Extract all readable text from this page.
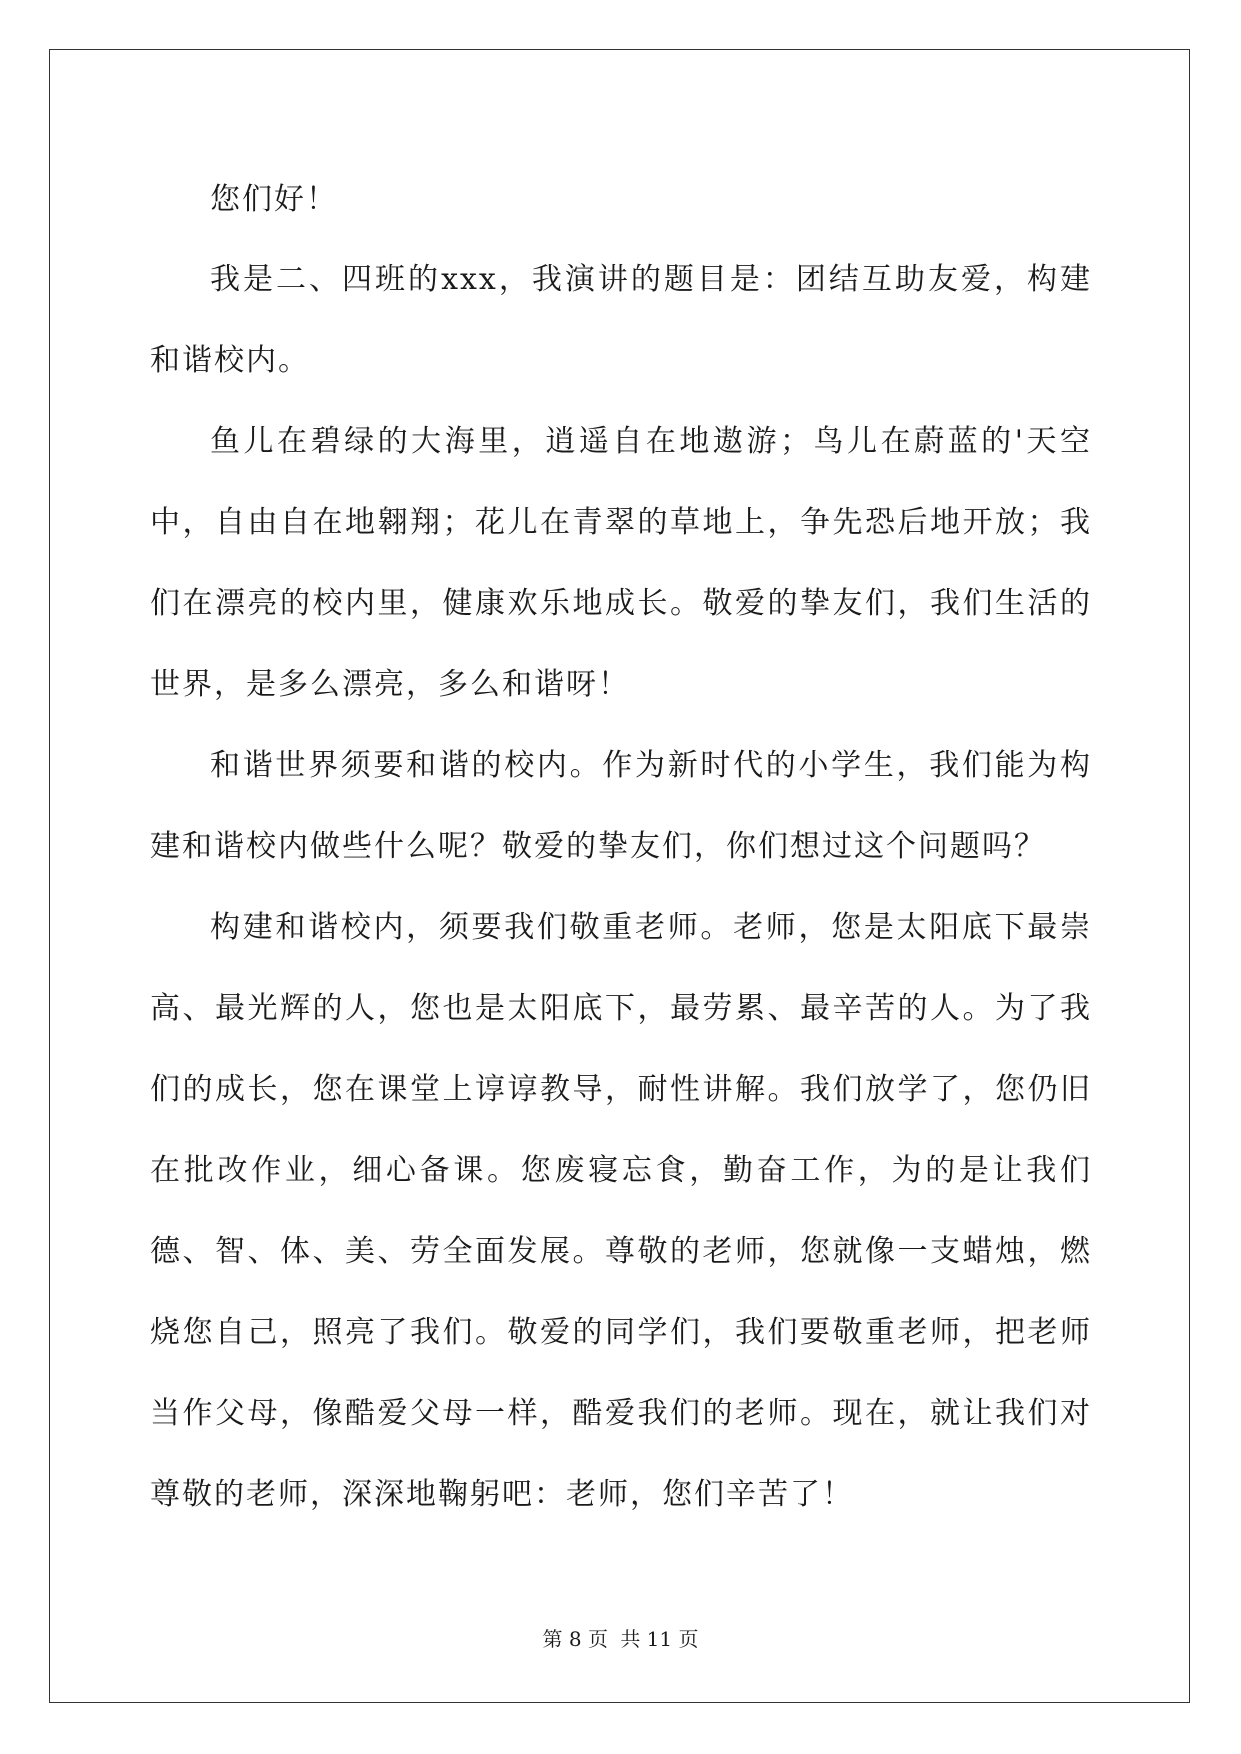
您们好！

我是二、四班的xxx，我演讲的题目是：团结互助友爱，构建和谐校内。

鱼儿在碧绿的大海里，逍遥自在地遨游；鸟儿在蔚蓝的'天空中，自由自在地翱翔；花儿在青翠的草地上，争先恐后地开放；我们在漂亮的校内里，健康欢乐地成长。敬爱的挚友们，我们生活的世界，是多么漂亮，多么和谐呀！

和谐世界须要和谐的校内。作为新时代的小学生，我们能为构建和谐校内做些什么呢？敬爱的挚友们，你们想过这个问题吗？

构建和谐校内，须要我们敬重老师。老师，您是太阳底下最崇高、最光辉的人，您也是太阳底下，最劳累、最辛苦的人。为了我们的成长，您在课堂上谆谆教导，耐性讲解。我们放学了，您仍旧在批改作业，细心备课。您废寝忘食，勤奋工作，为的是让我们德、智、体、美、劳全面发展。尊敬的老师，您就像一支蜡烛，燃烧您自己，照亮了我们。敬爱的同学们，我们要敬重老师，把老师当作父母，像酷爱父母一样，酷爱我们的老师。现在，就让我们对尊敬的老师，深深地鞠躬吧：老师，您们辛苦了！

第 8 页 共 11 页
